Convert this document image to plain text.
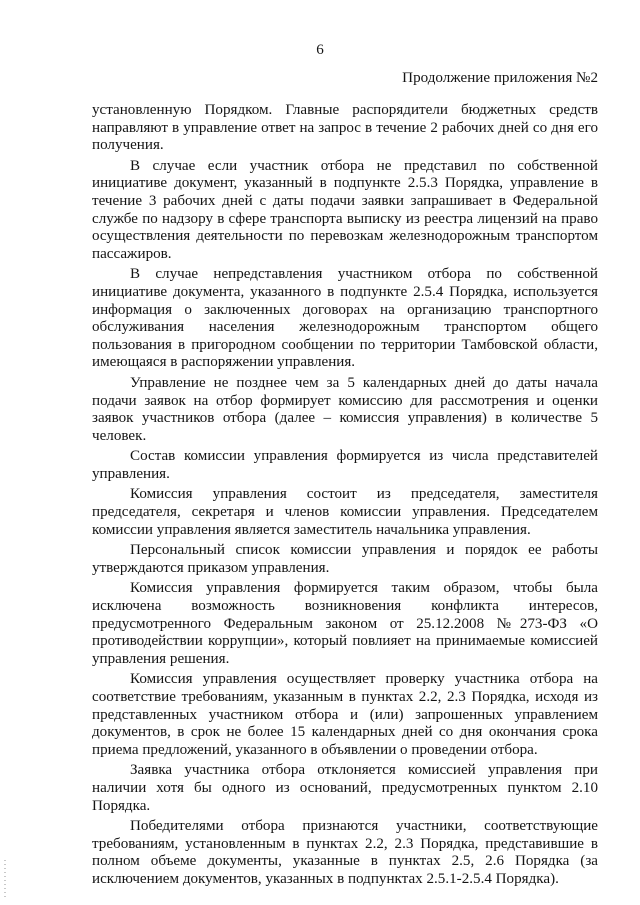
6
Продолжение приложения №2

установленную Порядком. Главные распорядители бюджетных средств направляют в управление ответ на запрос в течение 2 рабочих дней со дня его получения.

В случае если участник отбора не представил по собственной инициативе документ, указанный в подпункте 2.5.3 Порядка, управление в течение 3 рабочих дней с даты подачи заявки запрашивает в Федеральной службе по надзору в сфере транспорта выписку из реестра лицензий на право осуществления деятельности по перевозкам железнодорожным транспортом пассажиров.

В случае непредставления участником отбора по собственной инициативе документа, указанного в подпункте 2.5.4 Порядка, используется информация о заключенных договорах на организацию транспортного обслуживания населения железнодорожным транспортом общего пользования в пригородном сообщении по территории Тамбовской области, имеющаяся в распоряжении управления.

Управление не позднее чем за 5 календарных дней до даты начала подачи заявок на отбор формирует комиссию для рассмотрения и оценки заявок участников отбора (далее – комиссия управления) в количестве 5 человек.

Состав комиссии управления формируется из числа представителей управления.

Комиссия управления состоит из председателя, заместителя председателя, секретаря и членов комиссии управления. Председателем комиссии управления является заместитель начальника управления.

Персональный список комиссии управления и порядок ее работы утверждаются приказом управления.

Комиссия управления формируется таким образом, чтобы была исключена возможность возникновения конфликта интересов, предусмотренного Федеральным законом от 25.12.2008 №273-ФЗ «О противодействии коррупции», который повлияет на принимаемые комиссией управления решения.

Комиссия управления осуществляет проверку участника отбора на соответствие требованиям, указанным в пунктах 2.2, 2.3 Порядка, исходя из представленных участником отбора и (или) запрошенных управлением документов, в срок не более 15 календарных дней со дня окончания срока приема предложений, указанного в объявлении о проведении отбора.

Заявка участника отбора отклоняется комиссией управления при наличии хотя бы одного из оснований, предусмотренных пунктом 2.10 Порядка.

Победителями отбора признаются участники, соответствующие требованиям, установленным в пунктах 2.2, 2.3 Порядка, представившие в полном объеме документы, указанные в пунктах 2.5, 2.6 Порядка (за исключением документов, указанных в подпунктах 2.5.1-2.5.4 Порядка).
